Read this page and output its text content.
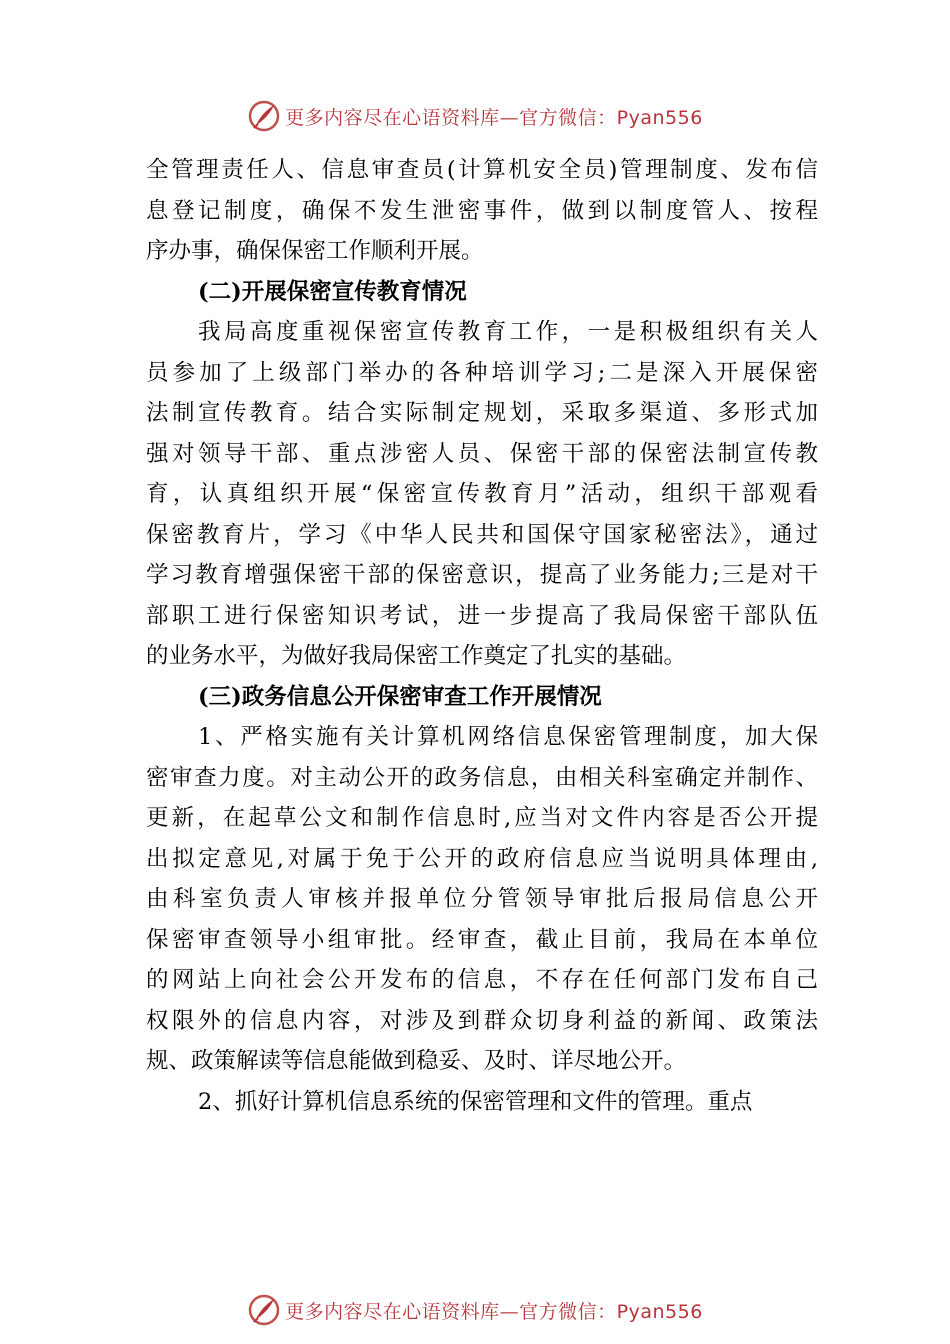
更多内容尽在心语资料库—官方微信：Pyan556
全管理责任人、信息审查员(计算机安全员)管理制度、发布信
息登记制度，确保不发生泄密事件，做到以制度管人、按程
序办事，确保保密工作顺利开展。
(二)开展保密宣传教育情况
我局高度重视保密宣传教育工作，一是积极组织有关人
员参加了上级部门举办的各种培训学习;二是深入开展保密
法制宣传教育。结合实际制定规划，采取多渠道、多形式加
强对领导干部、重点涉密人员、保密干部的保密法制宣传教
育，认真组织开展“保密宣传教育月”活动，组织干部观看
保密教育片，学习《中华人民共和国保守国家秘密法》，通过
学习教育增强保密干部的保密意识，提高了业务能力;三是对干
部职工进行保密知识考试，进一步提高了我局保密干部队伍
的业务水平，为做好我局保密工作奠定了扎实的基础。
(三)政务信息公开保密审查工作开展情况
1、严格实施有关计算机网络信息保密管理制度，加大保
密审查力度。对主动公开的政务信息，由相关科室确定并制作、
更新，在起草公文和制作信息时,应当对文件内容是否公开提
出拟定意见,对属于免于公开的政府信息应当说明具体理由,
由科室负责人审核并报单位分管领导审批后报局信息公开
保密审查领导小组审批。经审查，截止目前，我局在本单位
的网站上向社会公开发布的信息，不存在任何部门发布自己
权限外的信息内容，对涉及到群众切身利益的新闻、政策法
规、政策解读等信息能做到稳妥、及时、详尽地公开。
2、抓好计算机信息系统的保密管理和文件的管理。重点
更多内容尽在心语资料库—官方微信：Pyan556
